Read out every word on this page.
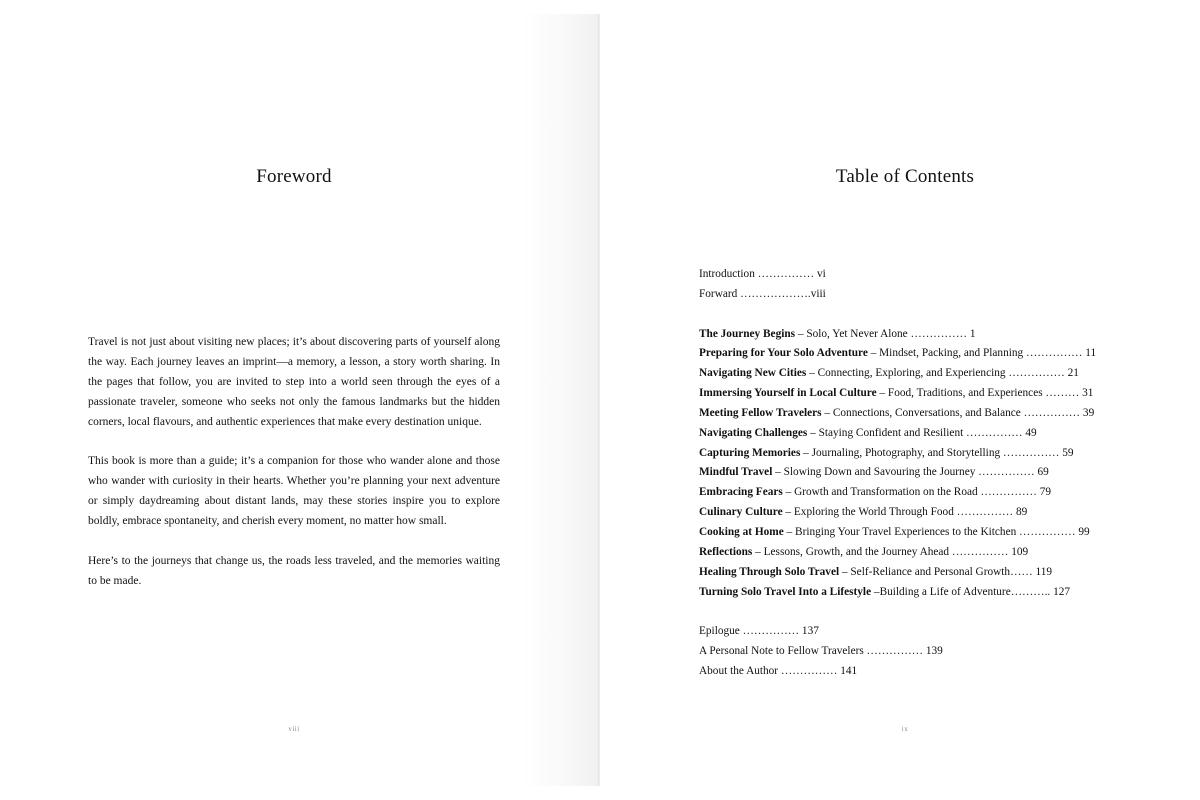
Foreword

Travel is not just about visiting new places; it’s about discovering parts of yourself along the way. Each journey leaves an imprint—a memory, a lesson, a story worth sharing. In the pages that follow, you are invited to step into a world seen through the eyes of a passionate traveler, someone who seeks not only the famous landmarks but the hidden corners, local flavours, and authentic experiences that make every destination unique.

This book is more than a guide; it’s a companion for those who wander alone and those who wander with curiosity in their hearts. Whether you’re planning your next adventure or simply daydreaming about distant lands, may these stories inspire you to explore boldly, embrace spontaneity, and cherish every moment, no matter how small.

Here’s to the journeys that change us, the roads less traveled, and the memories waiting to be made.

viii
Table of Contents
Introduction …………… vi
Forward ……………….viii
The Journey Begins – Solo, Yet Never Alone …………… 1
Preparing for Your Solo Adventure – Mindset, Packing, and Planning …………… 11
Navigating New Cities – Connecting, Exploring, and Experiencing …………… 21
Immersing Yourself in Local Culture – Food, Traditions, and Experiences ……… 31
Meeting Fellow Travelers – Connections, Conversations, and Balance …………… 39
Navigating Challenges – Staying Confident and Resilient …………… 49
Capturing Memories – Journaling, Photography, and Storytelling …………… 59
Mindful Travel – Slowing Down and Savouring the Journey …………… 69
Embracing Fears – Growth and Transformation on the Road …………… 79
Culinary Culture – Exploring the World Through Food …………… 89
Cooking at Home – Bringing Your Travel Experiences to the Kitchen …………… 99
Reflections – Lessons, Growth, and the Journey Ahead …………… 109
Healing Through Solo Travel – Self-Reliance and Personal Growth…… 119
Turning Solo Travel Into a Lifestyle –Building a Life of Adventure……….. 127
Epilogue …………… 137
A Personal Note to Fellow Travelers …………… 139
About the Author …………… 141
ix
